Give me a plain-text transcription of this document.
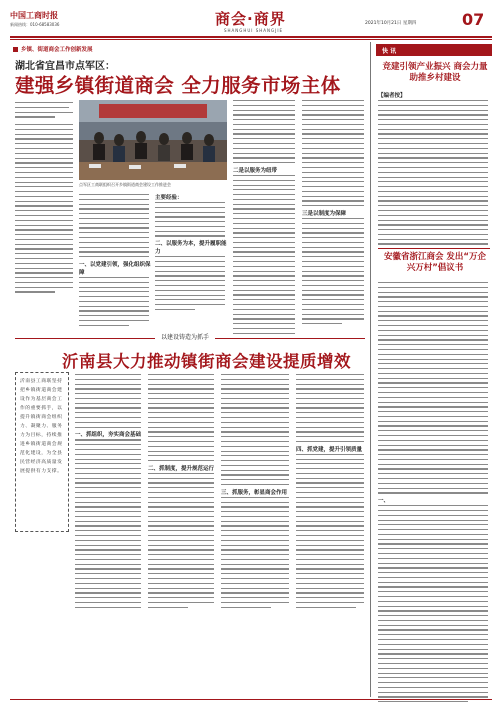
中国工商时报
新闻热线：010-68583036	商会·商界
SHANGHUI SHANGJIE
2021年10月21日 星期四	07
乡镇、街道商会工作创新发展
湖北省宜昌市点军区：
建强乡镇街道商会 全力服务市场主体
点军区工商联组织召开乡镇街道商会建设工作推进会
一、以党建引领，强化组织保障
主要经验：
二、以服务为本，提升履职能力
二是以服务为纽带
三是以制度为保障
以建设铸造为抓手
沂南县大力推动镇街商会建设提质增效
沂南县工商联坚持把乡镇街道商会建设作为基层商会工作的重要抓手，以提升镇街商会组织力、凝聚力、服务力为目标，持续推进乡镇街道商会规范化建设，为全县民营经济高质量发展提供有力支撑。
一、抓组织，夯实商会基础
二、抓制度，提升规范运行
三、抓服务，彰显商会作用
四、抓党建，提升引领质量
快 讯
竞建引领产业振兴 商会力量助推乡村建设
【编者按】
安徽省浙江商会 发出“万企兴万村”倡议书
一、
